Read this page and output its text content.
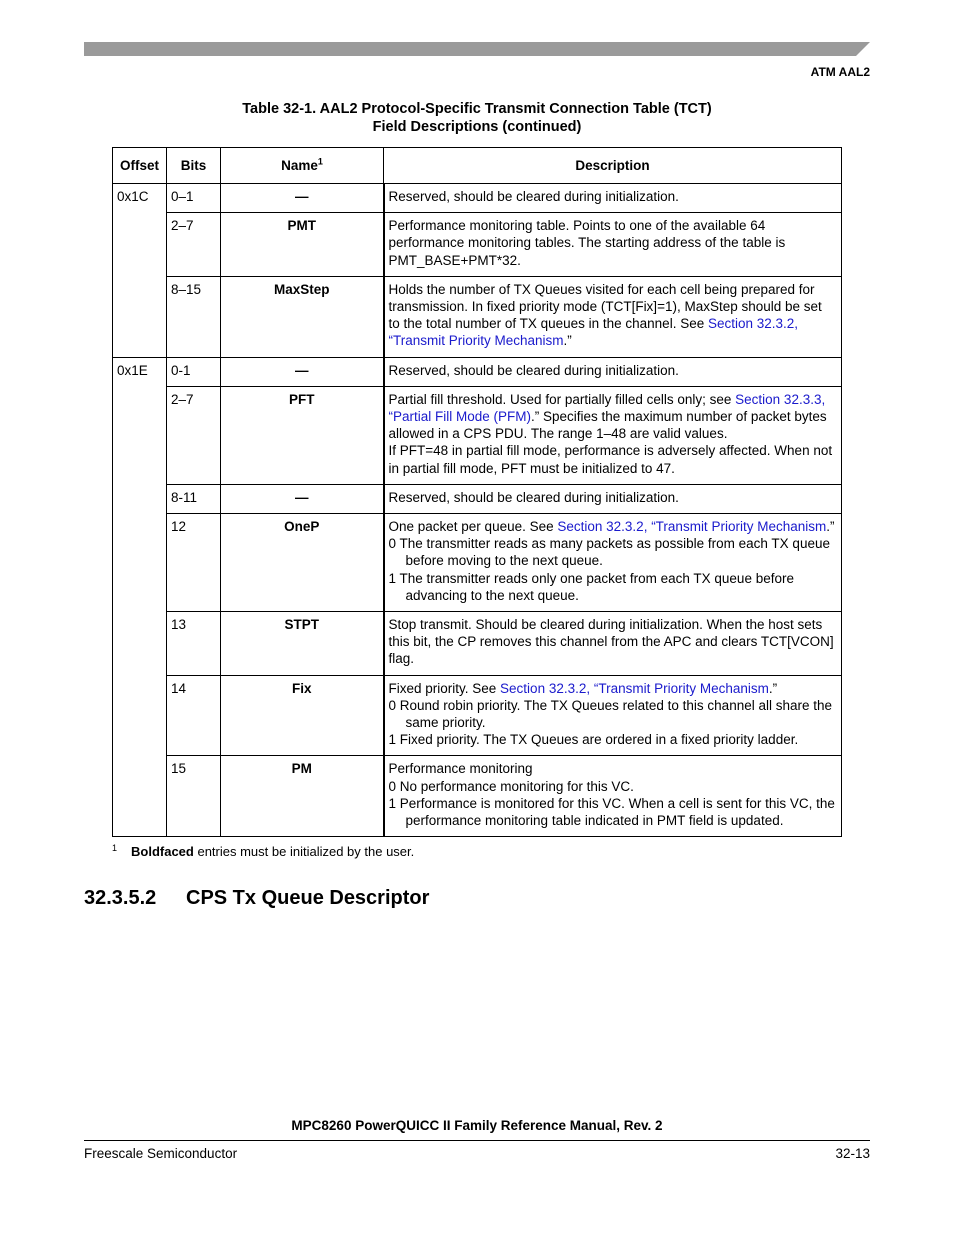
ATM AAL2
Table 32-1. AAL2 Protocol-Specific Transmit Connection Table (TCT)
Field Descriptions (continued)
Offset	Bits	Name$^1$	Description
0x1C	0–1	—	Reserved, should be cleared during initialization.
	2–7	PMT	Performance monitoring table. Points to one of the available 64 performance monitoring tables. The starting address of the table is PMT_BASE+PMT*32.
	8–15	MaxStep	Holds the number of TX Queues visited for each cell being prepared for transmission. In fixed priority mode (TCT[Fix]=1), MaxStep should be set to the total number of TX queues in the channel. See Section 32.3.2, “Transmit Priority Mechanism.”
0x1E	0-1	—	Reserved, should be cleared during initialization.
	2–7	PFT	Partial fill threshold. Used for partially filled cells only; see Section 32.3.3, “Partial Fill Mode (PFM).” Specifies the maximum number of packet bytes allowed in a CPS PDU. The range 1–48 are valid values.

If PFT=48 in partial fill mode, performance is adversely affected. When not in partial fill mode, PFT must be initialized to 47.

	8-11	—	Reserved, should be cleared during initialization.
	12	OneP	One packet per queue. See Section 32.3.2, “Transmit Priority Mechanism.”

0 The transmitter reads as many packets as possible from each TX queue before moving to the next queue.

1 The transmitter reads only one packet from each TX queue before advancing to the next queue.

	13	STPT	Stop transmit. Should be cleared during initialization. When the host sets this bit, the CP removes this channel from the APC and clears TCT[VCON] flag.
	14	Fix	Fixed priority. See Section 32.3.2, “Transmit Priority Mechanism.”

0 Round robin priority. The TX Queues related to this channel all share the same priority.

1 Fixed priority. The TX Queues are ordered in a fixed priority ladder.

	15	PM	Performance monitoring

0 No performance monitoring for this VC.

1 Performance is monitored for this VC. When a cell is sent for this VC, the performance monitoring table indicated in PMT field is updated.

$^1$ Boldfaced entries must be initialized by the user.
32.3.5.2 CPS Tx Queue Descriptor
MPC8260 PowerQUICC II Family Reference Manual, Rev. 2
Freescale Semiconductor	32-13
